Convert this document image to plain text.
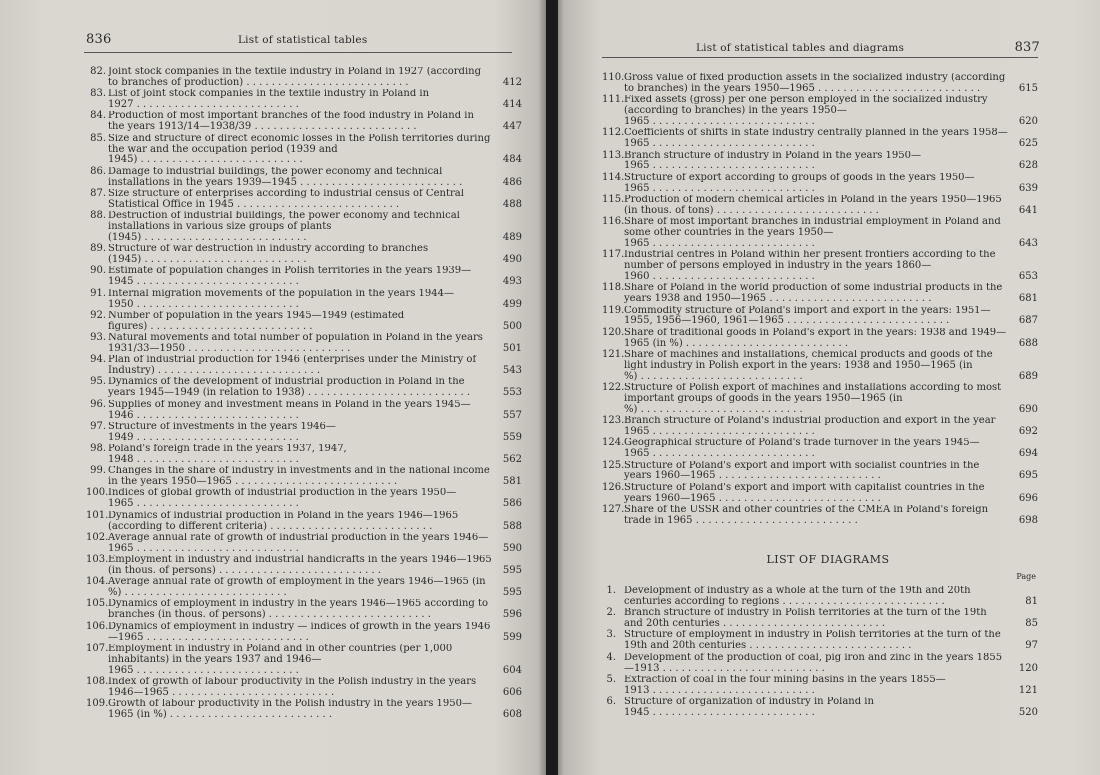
836	List of statistical tables
82. Joint stock companies in the textile industry in Poland in 1927 (according to branches of production) . . .	412
83. List of joint stock companies in the textile industry in Poland in 1927 . . .	414
84. Production of most important branches of the food industry in Poland in the years 1913/14—1938/39 . . .	447
85. Size and structure of direct economic losses in the Polish territories during the war and the occupation period (1939 and 1945) . . .	484
86. Damage to industrial buildings, the power economy and technical installations in the years 1939—1945 . . .	486
87. Size structure of enterprises according to industrial census of Central Statistical Office in 1945 . . .	488
88. Destruction of industrial buildings, the power economy and technical installations in various size groups of plants (1945) . . .	489
89. Structure of war destruction in industry according to branches (1945) . . .	490
90. Estimate of population changes in Polish territories in the years 1939—1945 . . .	493
91. Internal migration movements of the population in the years 1944—1950 . . .	499
92. Number of population in the years 1945—1949 (estimated figures) . . .	500
93. Natural movements and total number of population in Poland in the years 1931/33—1950 . . .	501
94. Plan of industrial production for 1946 (enterprises under the Ministry of Industry) . . .	543
95. Dynamics of the development of industrial production in Poland in the years 1945—1949 (in relation to 1938) . . .	553
96. Supplies of money and investment means in Poland in the years 1945—1946 . . .	557
97. Structure of investments in the years 1946—1949 . . .	559
98. Poland's foreign trade in the years 1937, 1947, 1948 . . .	562
99. Changes in the share of industry in investments and in the national income in the years 1950—1965 . . .	581
100. Indices of global growth of industrial production in the years 1950—1965 . . .	586
101. Dynamics of industrial production in Poland in the years 1946—1965 (according to different criteria) . . .	588
102. Average annual rate of growth of industrial production in the years 1946—1965 . . .	590
103. Employment in industry and industrial handicrafts in the years 1946—1965 (in thous. of persons) . . .	595
104. Average annual rate of growth of employment in the years 1946—1965 (in %) . . .	595
105. Dynamics of employment in industry in the years 1946—1965 according to branches (in thous. of persons) . . .	596
106. Dynamics of employment in industry — indices of growth in the years 1946—1965 . . .	599
107. Employment in industry in Poland and in other countries (per 1,000 inhabitants) in the years 1937 and 1946—1965 . . .	604
108. Index of growth of labour productivity in the Polish industry in the years 1946—1965 . . .	606
109. Growth of labour productivity in the Polish industry in the years 1950—1965 (in %) . . .	608
List of statistical tables and diagrams	837
110. Gross value of fixed production assets in the socialized industry (according to branches) in the years 1950—1965 . . .	615
111. Fixed assets (gross) per one person employed in the socialized industry (according to branches) in the years 1950—1965 . . .	620
112. Coefficients of shifts in state industry centrally planned in the years 1958—1965 . . .	625
113. Branch structure of industry in Poland in the years 1950—1965 . . .	628
114. Structure of export according to groups of goods in the years 1950—1965 . . .	639
115. Production of modern chemical articles in Poland in the years 1950—1965 (in thous. of tons) . . .	641
116. Share of most important branches in industrial employment in Poland and some other countries in the years 1950—1965 . . .	643
117. Industrial centres in Poland within her present frontiers according to the number of persons employed in industry in the years 1860—1960 . . .	653
118. Share of Poland in the world production of some industrial products in the years 1938 and 1950—1965 . . .	681
119. Commodity structure of Poland's import and export in the years: 1951—1955, 1956—1960, 1961—1965 . . .	687
120. Share of traditional goods in Poland's export in the years: 1938 and 1949—1965 (in %) . . .	688
121. Share of machines and installations, chemical products and goods of the light industry in Polish export in the years: 1938 and 1950—1965 (in %) . . .	689
122. Structure of Polish export of machines and installations according to most important groups of goods in the years 1950—1965 (in %) . . .	690
123. Branch structure of Poland's industrial production and export in the year 1965 . . .	692
124. Geographical structure of Poland's trade turnover in the years 1945—1965 . . .	694
125. Structure of Poland's export and import with socialist countries in the years 1960—1965 . . .	695
126. Structure of Poland's export and import with capitalist countries in the years 1960—1965 . . .	696
127. Share of the USSR and other countries of the CMEA in Poland's foreign trade in 1965 . . .	698
LIST OF DIAGRAMS
Page
1. Development of industry as a whole at the turn of the 19th and 20th centuries according to regions . . .	81
2. Branch structure of industry in Polish territories at the turn of the 19th and 20th centuries . . .	85
3. Structure of employment in industry in Polish territories at the turn of the 19th and 20th centuries . . .	97
4. Development of the production of coal, pig iron and zinc in the years 1855—1913 . . .	120
5. Extraction of coal in the four mining basins in the years 1855—1913 . . .	121
6. Structure of organization of industry in Poland in 1945 . . .	520
